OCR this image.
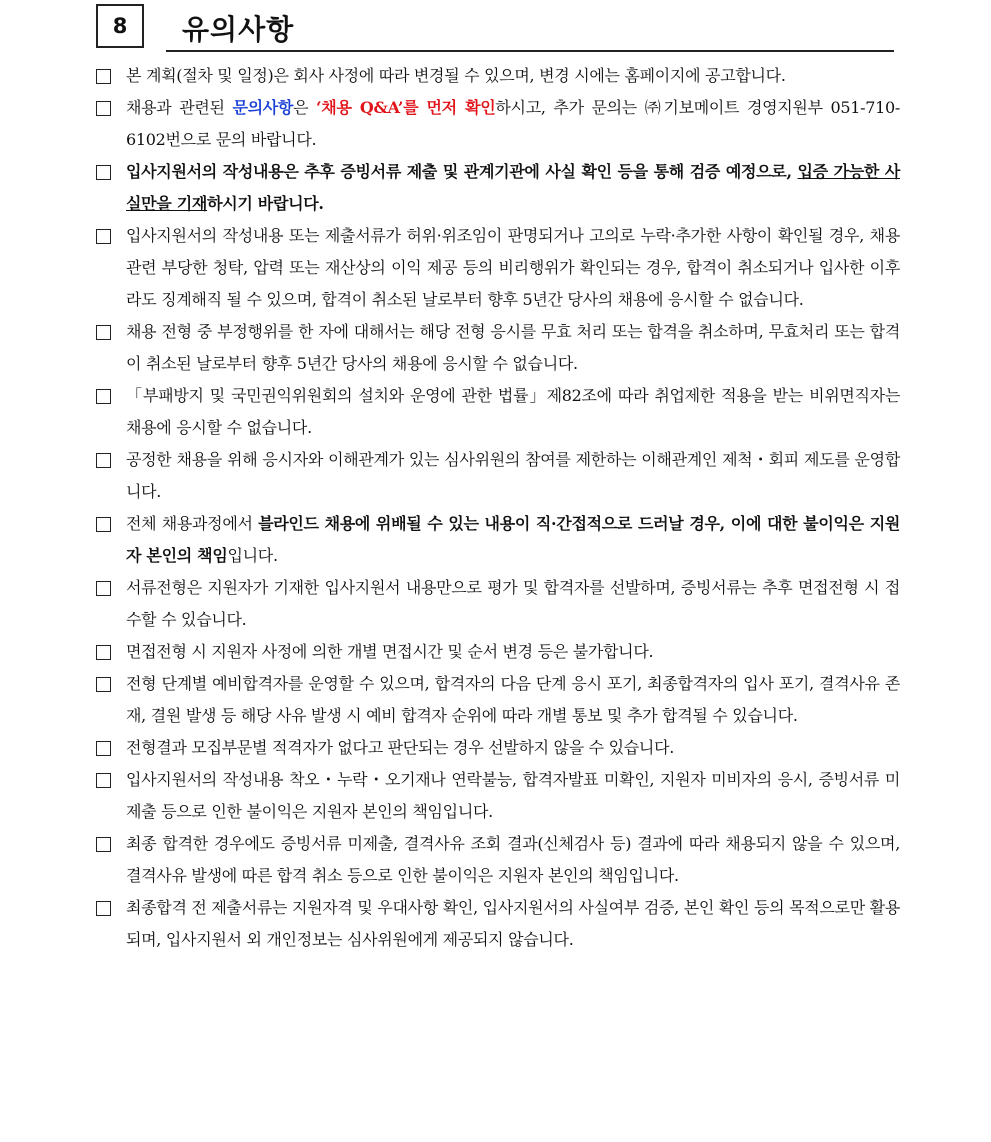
8	유의사항
본 계획(절차 및 일정)은 회사 사정에 따라 변경될 수 있으며, 변경 시에는 홈페이지에 공고합니다.
채용과 관련된 문의사항은 ‘채용 Q&A’를 먼저 확인하시고, 추가 문의는 ㈜기보메이트 경영지원부 051-710-6102번으로 문의 바랍니다.
입사지원서의 작성내용은 추후 증빙서류 제출 및 관계기관에 사실 확인 등을 통해 검증 예정으로, 입증 가능한 사실만을 기재하시기 바랍니다.
입사지원서의 작성내용 또는 제출서류가 허위·위조임이 판명되거나 고의로 누락·추가한 사항이 확인될 경우, 채용 관련 부당한 청탁, 압력 또는 재산상의 이익 제공 등의 비리행위가 확인되는 경우, 합격이 취소되거나 입사한 이후라도 징계해직 될 수 있으며, 합격이 취소된 날로부터 향후 5년간 당사의 채용에 응시할 수 없습니다.
채용 전형 중 부정행위를 한 자에 대해서는 해당 전형 응시를 무효 처리 또는 합격을 취소하며, 무효처리 또는 합격이 취소된 날로부터 향후 5년간 당사의 채용에 응시할 수 없습니다.
「부패방지 및 국민권익위원회의 설치와 운영에 관한 법률」제82조에 따라 취업제한 적용을 받는 비위면직자는 채용에 응시할 수 없습니다.
공정한 채용을 위해 응시자와 이해관계가 있는 심사위원의 참여를 제한하는 이해관계인 제척・회피 제도를 운영합니다.
전체 채용과정에서 블라인드 채용에 위배될 수 있는 내용이 직·간접적으로 드러날 경우, 이에 대한 불이익은 지원자 본인의 책임입니다.
서류전형은 지원자가 기재한 입사지원서 내용만으로 평가 및 합격자를 선발하며, 증빙서류는 추후 면접전형 시 접수할 수 있습니다.
면접전형 시 지원자 사정에 의한 개별 면접시간 및 순서 변경 등은 불가합니다.
전형 단계별 예비합격자를 운영할 수 있으며, 합격자의 다음 단계 응시 포기, 최종합격자의 입사 포기, 결격사유 존재, 결원 발생 등 해당 사유 발생 시 예비 합격자 순위에 따라 개별 통보 및 추가 합격될 수 있습니다.
전형결과 모집부문별 적격자가 없다고 판단되는 경우 선발하지 않을 수 있습니다.
입사지원서의 작성내용 착오・누락・오기재나 연락불능, 합격자발표 미확인, 지원자 미비자의 응시, 증빙서류 미제출 등으로 인한 불이익은 지원자 본인의 책임입니다.
최종 합격한 경우에도 증빙서류 미제출, 결격사유 조회 결과(신체검사 등) 결과에 따라 채용되지 않을 수 있으며, 결격사유 발생에 따른 합격 취소 등으로 인한 불이익은 지원자 본인의 책임입니다.
최종합격 전 제출서류는 지원자격 및 우대사항 확인, 입사지원서의 사실여부 검증, 본인 확인 등의 목적으로만 활용되며, 입사지원서 외 개인정보는 심사위원에게 제공되지 않습니다.
